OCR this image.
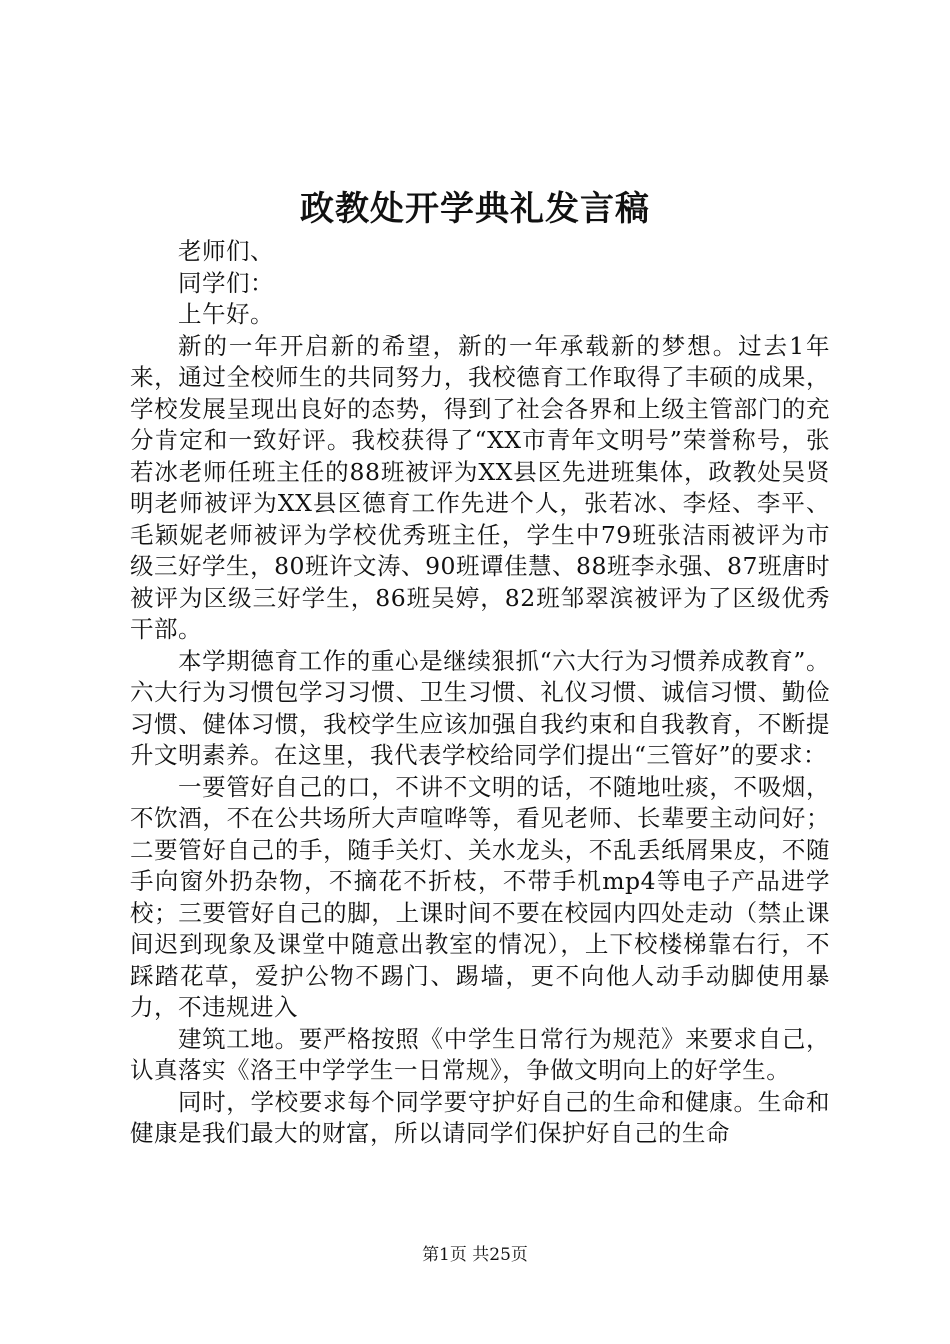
政教处开学典礼发言稿

老师们、

同学们：

上午好。

新的一年开启新的希望，新的一年承载新的梦想。过去1年来，通过全校师生的共同努力，我校德育工作取得了丰硕的成果，学校发展呈现出良好的态势，得到了社会各界和上级主管部门的充分肯定和一致好评。我校获得了“XX市青年文明号”荣誉称号，张若冰老师任班主任的88班被评为XX县区先进班集体，政教处吴贤明老师被评为XX县区德育工作先进个人，张若冰、李烃、李平、毛颖妮老师被评为学校优秀班主任，学生中79班张洁雨被评为市级三好学生，80班许文涛、90班谭佳慧、88班李永强、87班唐时被评为区级三好学生，86班吴婷，82班邹翠滨被评为了区级优秀干部。

本学期德育工作的重心是继续狠抓“六大行为习惯养成教育”。六大行为习惯包学习习惯、卫生习惯、礼仪习惯、诚信习惯、勤俭习惯、健体习惯，我校学生应该加强自我约束和自我教育，不断提升文明素养。在这里，我代表学校给同学们提出“三管好”的要求：

一要管好自己的口，不讲不文明的话，不随地吐痰，不吸烟，不饮酒，不在公共场所大声喧哗等，看见老师、长辈要主动问好；二要管好自己的手，随手关灯、关水龙头，不乱丢纸屑果皮，不随手向窗外扔杂物，不摘花不折枝，不带手机mp4等电子产品进学校；三要管好自己的脚，上课时间不要在校园内四处走动（禁止课间迟到现象及课堂中随意出教室的情况），上下校楼梯靠右行，不踩踏花草，爱护公物不踢门、踢墙，更不向他人动手动脚使用暴力，不违规进入

建筑工地。要严格按照《中学生日常行为规范》来要求自己，认真落实《洛王中学学生一日常规》，争做文明向上的好学生。

同时，学校要求每个同学要守护好自己的生命和健康。生命和健康是我们最大的财富，所以请同学们保护好自己的生命

第1页 共25页
